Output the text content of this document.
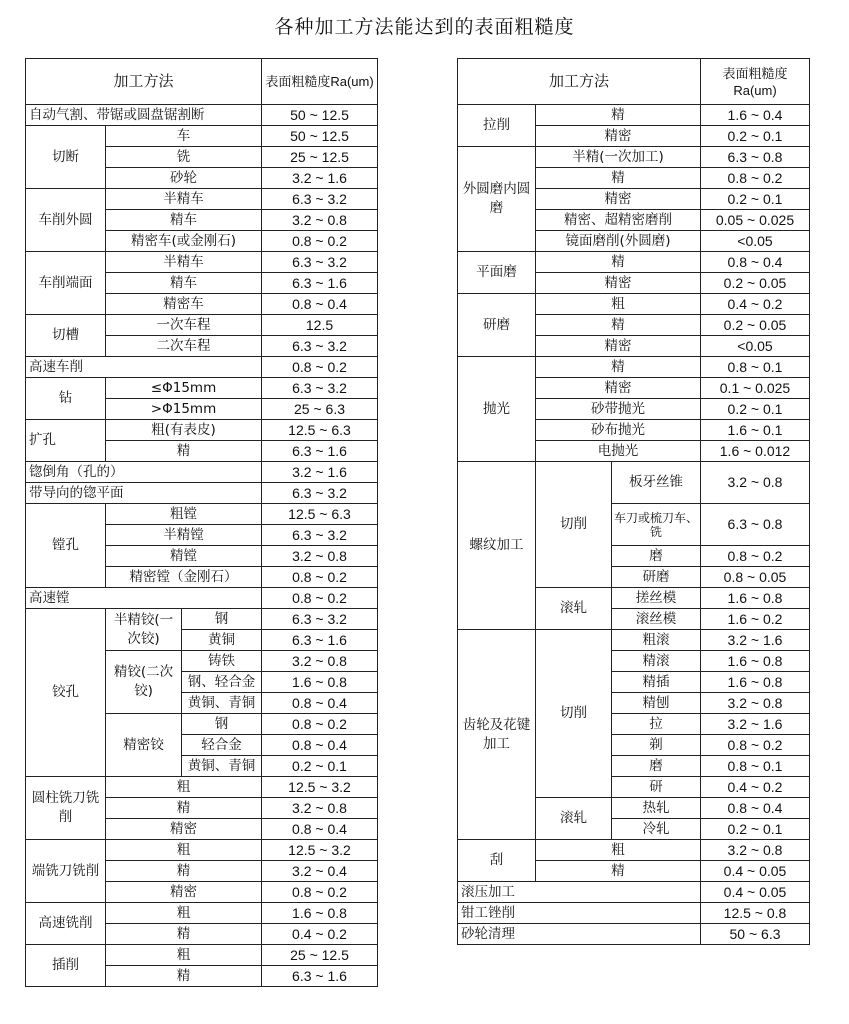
各种加工方法能达到的表面粗糙度
加工方法		表面粗糙度Ra(um)
自动气割、带锯或圆盘锯割断		50 ~ 12.5
切断	车	50 ~ 12.5
	铣	25 ~ 12.5
	砂轮	3.2 ~ 1.6
车削外圆	半精车	6.3 ~ 3.2
	精车	3.2 ~ 0.8
	精密车(或金刚石)	0.8 ~ 0.2
车削端面	半精车	6.3 ~ 3.2
	精车	6.3 ~ 1.6
	精密车	0.8 ~ 0.4
切槽	一次车程	12.5
	二次车程	6.3 ~ 3.2
高速车削		0.8 ~ 0.2
钻	≤Φ15mm	6.3 ~ 3.2
	>Φ15mm	25 ~ 6.3
扩孔	粗(有表皮)	12.5 ~ 6.3
	精	6.3 ~ 1.6
锪倒角（孔的）		3.2 ~ 1.6
带导向的锪平面		6.3 ~ 3.2
镗孔	粗镗	12.5 ~ 6.3
	半精镗	6.3 ~ 3.2
	精镗	3.2 ~ 0.8
	精密镗（金刚石）	0.8 ~ 0.2
高速镗		0.8 ~ 0.2
铰孔	半精铰(一次铰)	钢	6.3 ~ 3.2
		黄铜	6.3 ~ 1.6
	精铰(二次铰)	铸铁	3.2 ~ 0.8
		钢、轻合金	1.6 ~ 0.8
		黄铜、青铜	0.8 ~ 0.4
	精密铰	钢	0.8 ~ 0.2
		轻合金	0.8 ~ 0.4
		黄铜、青铜	0.2 ~ 0.1
圆柱铣刀铣削	粗		12.5 ~ 3.2
	精		3.2 ~ 0.8
	精密		0.8 ~ 0.4
端铣刀铣削	粗		12.5 ~ 3.2
	精		3.2 ~ 0.4
	精密		0.8 ~ 0.2
高速铣削	粗		1.6 ~ 0.8
	精		0.4 ~ 0.2
插削	粗		25 ~ 12.5
	精		6.3 ~ 1.6
加工方法			表面粗糙度Ra(um)
拉削	精		1.6 ~ 0.4
	精密		0.2 ~ 0.1
外圆磨内圆磨	半精(一次加工)		6.3 ~ 0.8
	精		0.8 ~ 0.2
	精密		0.2 ~ 0.1
	精密、超精密磨削		0.05 ~ 0.025
	镜面磨削(外圆磨)		<0.05
平面磨	精		0.8 ~ 0.4
	精密		0.2 ~ 0.05
研磨	粗		0.4 ~ 0.2
	精		0.2 ~ 0.05
	精密		<0.05
抛光	精		0.8 ~ 0.1
	精密		0.1 ~ 0.025
	砂带抛光		0.2 ~ 0.1
	砂布抛光		1.6 ~ 0.1
	电抛光		1.6 ~ 0.012
螺纹加工	切削	板牙丝锥	3.2 ~ 0.8
		车刀或梳刀车、铣	6.3 ~ 0.8
		磨	0.8 ~ 0.2
		研磨	0.8 ~ 0.05
	滚轧	搓丝模	1.6 ~ 0.8
		滚丝模	1.6 ~ 0.2
齿轮及花键加工	切削	粗滚	3.2 ~ 1.6
		精滚	1.6 ~ 0.8
		精插	1.6 ~ 0.8
		精刨	3.2 ~ 0.8
		拉	3.2 ~ 1.6
		剃	0.8 ~ 0.2
		磨	0.8 ~ 0.1
		研	0.4 ~ 0.2
	滚轧	热轧	0.8 ~ 0.4
		冷轧	0.2 ~ 0.1
刮	粗		3.2 ~ 0.8
	精		0.4 ~ 0.05
滚压加工			0.4 ~ 0.05
钳工锉削			12.5 ~ 0.8
砂轮清理			50 ~ 6.3
